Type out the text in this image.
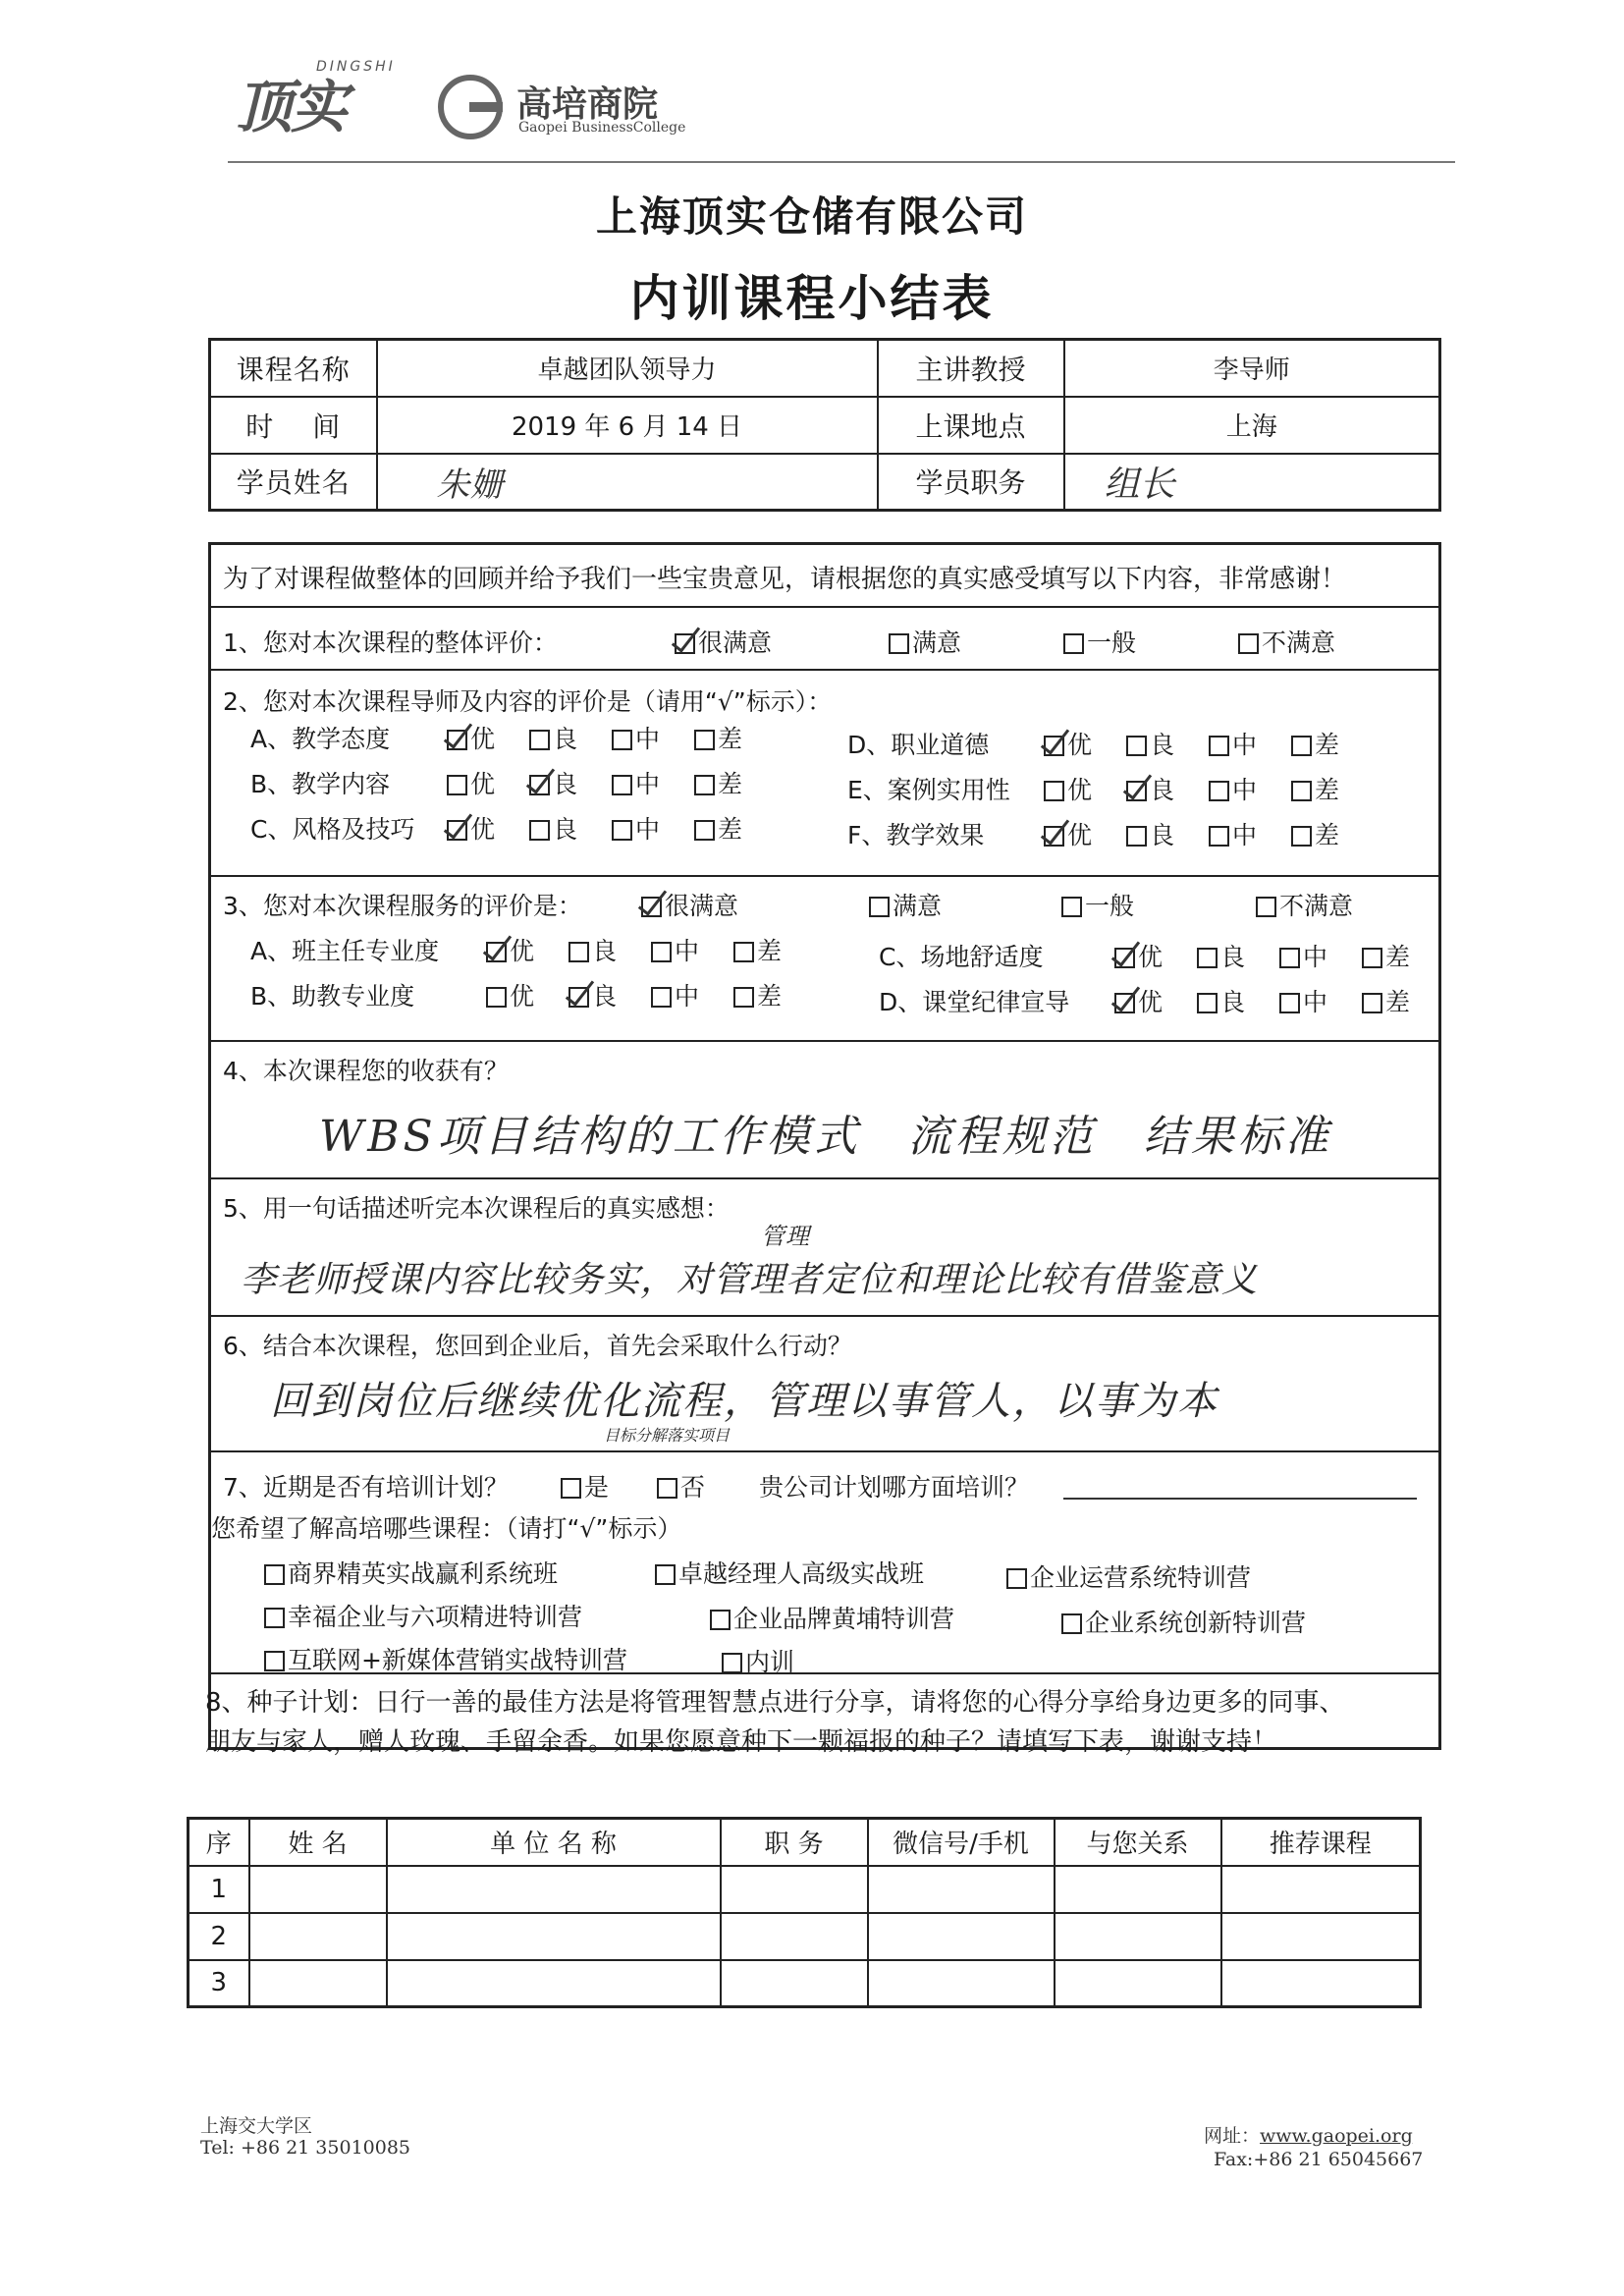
顶实
DINGSHI
高培商院
Gaopei BusinessCollege
上海顶实仓储有限公司
内训课程小结表
课程名称	卓越团队领导力	主讲教授	李导师
时　 间	2019 年 6 月 14 日	上课地点	上海
学员姓名	朱姗	学员职务	组长
为了对课程做整体的回顾并给予我们一些宝贵意见，请根据您的真实感受填写以下内容，非常感谢！
1、您对本次课程的整体评价：	很满意	满意	一般	不满意
2、您对本次课程导师及内容的评价是（请用“√”标示）：
A、教学态度	优 良 中 差
B、教学内容	优 良 中 差
C、风格及技巧 优 良 中 差
D、职业道德	优 良 中 差
E、案例实用性 优 良 中 差
F、教学效果	优 良 中 差
3、您对本次课程服务的评价是：	很满意	满意	一般	不满意
A、班主任专业度	优 良 中 差
B、助教专业度	优 良 中 差
C、场地舒适度	优 良 中 差
D、课堂纪律宣导	优 良 中 差
4、本次课程您的收获有？
WBS项目结构的工作模式　流程规范　结果标准
5、用一句话描述听完本次课程后的真实感想：
管理
李老师授课内容比较务实，对管理者定位和理论比较有借鉴意义
6、结合本次课程，您回到企业后，首先会采取什么行动？
回到岗位后继续优化流程，管理以事管人，以事为本
目标分解落实项目
7、近期是否有培训计划？	是	否 贵公司计划哪方面培训？
您希望了解高培哪些课程：（请打“√”标示）
商界精英实战赢利系统班	卓越经理人高级实战班	企业运营系统特训营
幸福企业与六项精进特训营	企业品牌黄埔特训营	企业系统创新特训营
互联网+新媒体营销实战特训营	内训
8、种子计划：日行一善的最佳方法是将管理智慧点进行分享，请将您的心得分享给身边更多的同事、
朋友与家人，赠人玫瑰、手留余香。如果您愿意种下一颗福报的种子？请填写下表，谢谢支持！
序	姓 名	单 位 名 称	职 务	微信号/手机	与您关系	推荐课程
1						
2						
3						
上海交大学区
Tel: +86 21 35010085
网址：www.gaopei.org
Fax:+86 21 65045667
